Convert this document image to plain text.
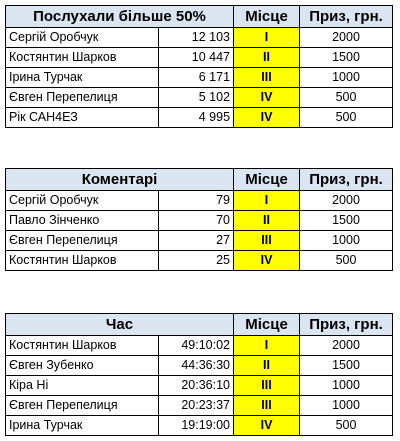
Послухали більше 50%		Місце	Приз, грн.
Сергій Оробчук	12 103	I	2000
Костянтин Шарков	10 447	II	1500
Ірина Турчак	6 171	III	1000
Євген Перепелиця	5 102	IV	500
Рік САН4ЕЗ	4 995	IV	500
Коментарі		Місце	Приз, грн.
Сергій Оробчук	79	I	2000
Павло Зінченко	70	II	1500
Євген Перепелиця	27	III	1000
Костянтин Шарков	25	IV	500
Час		Місце	Приз, грн.
Костянтин Шарков	49:10:02	I	2000
Євген Зубенко	44:36:30	II	1500
Кіра Ні	20:36:10	III	1000
Євген Перепелиця	20:23:37	III	1000
Ірина Турчак	19:19:00	IV	500
